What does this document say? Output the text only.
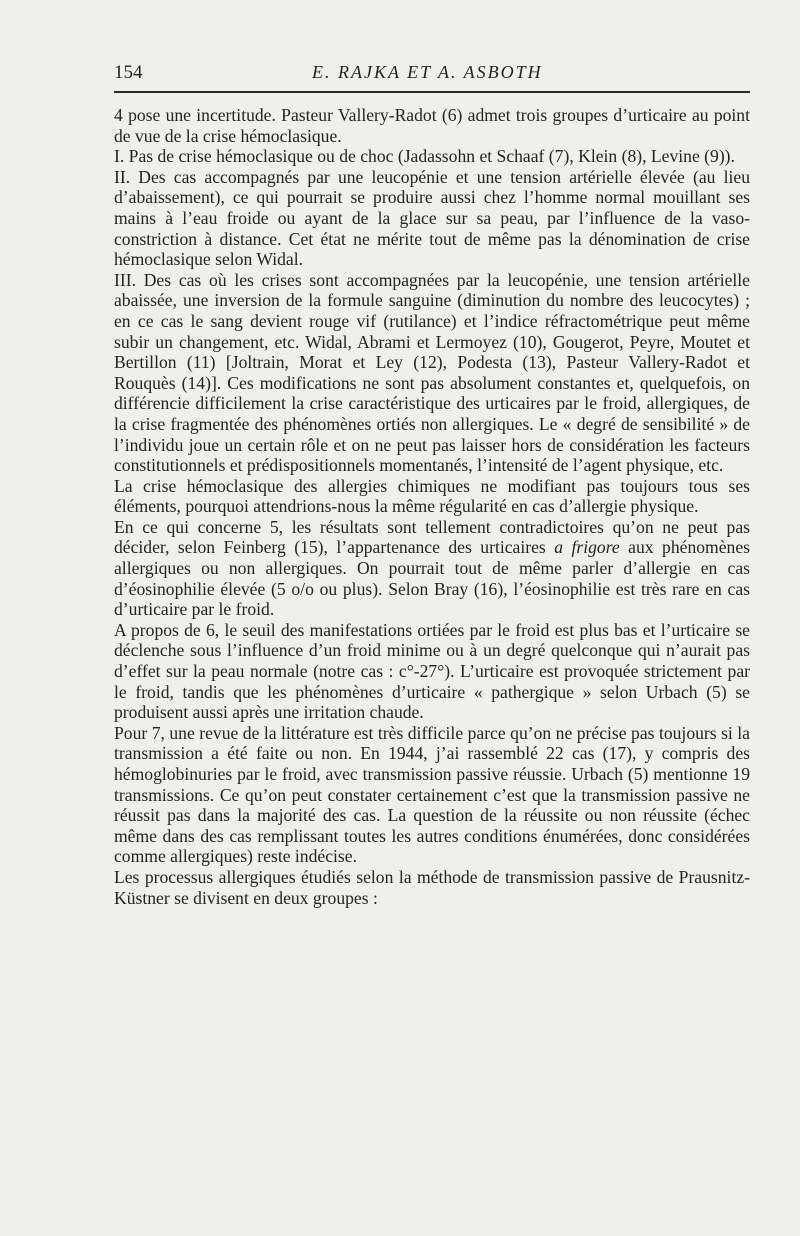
154	E. RAJKA ET A. ASBOTH

4 pose une incertitude. Pasteur Vallery-Radot (6) admet trois groupes d’urticaire au point de vue de la crise hémoclasique.

I. Pas de crise hémoclasique ou de choc (Jadassohn et Schaaf (7), Klein (8), Levine (9)).

II. Des cas accompagnés par une leucopénie et une tension artérielle élevée (au lieu d’abaissement), ce qui pourrait se produire aussi chez l’homme normal mouillant ses mains à l’eau froide ou ayant de la glace sur sa peau, par l’influence de la vaso-constriction à distance. Cet état ne mérite tout de même pas la dénomination de crise hémoclasique selon Widal.

III. Des cas où les crises sont accompagnées par la leucopénie, une tension artérielle abaissée, une inversion de la formule sanguine (diminution du nombre des leucocytes) ; en ce cas le sang devient rouge vif (rutilance) et l’indice réfractométrique peut même subir un changement, etc. Widal, Abrami et Lermoyez (10), Gougerot, Peyre, Moutet et Bertillon (11) [Joltrain, Morat et Ley (12), Podesta (13), Pasteur Vallery-Radot et Rouquès (14)]. Ces modifications ne sont pas absolument constantes et, quelquefois, on différencie difficilement la crise caractéristique des urticaires par le froid, allergiques, de la crise fragmentée des phénomènes ortiés non allergiques. Le « degré de sensibilité » de l’individu joue un certain rôle et on ne peut pas laisser hors de considération les facteurs constitutionnels et prédispositionnels momentanés, l’intensité de l’agent physique, etc.

La crise hémoclasique des allergies chimiques ne modifiant pas toujours tous ses éléments, pourquoi attendrions-nous la même régularité en cas d’allergie physique.

En ce qui concerne 5, les résultats sont tellement contradictoires qu’on ne peut pas décider, selon Feinberg (15), l’appartenance des urticaires a frigore aux phénomènes allergiques ou non allergiques. On pourrait tout de même parler d’allergie en cas d’éosinophilie élevée (5 o/o ou plus). Selon Bray (16), l’éosinophilie est très rare en cas d’urticaire par le froid.

A propos de 6, le seuil des manifestations ortiées par le froid est plus bas et l’urticaire se déclenche sous l’influence d’un froid minime ou à un degré quelconque qui n’aurait pas d’effet sur la peau normale (notre cas : c°-27°). L’urticaire est provoquée strictement par le froid, tandis que les phénomènes d’urticaire « pathergique » selon Urbach (5) se produisent aussi après une irritation chaude.

Pour 7, une revue de la littérature est très difficile parce qu’on ne précise pas toujours si la transmission a été faite ou non. En 1944, j’ai rassemblé 22 cas (17), y compris des hémoglobinuries par le froid, avec transmission passive réussie. Urbach (5) mentionne 19 transmissions. Ce qu’on peut constater certainement c’est que la transmission passive ne réussit pas dans la majorité des cas. La question de la réussite ou non réussite (échec même dans des cas remplissant toutes les autres conditions énumérées, donc considérées comme allergiques) reste indécise.

Les processus allergiques étudiés selon la méthode de transmission passive de Prausnitz-Küstner se divisent en deux groupes :
